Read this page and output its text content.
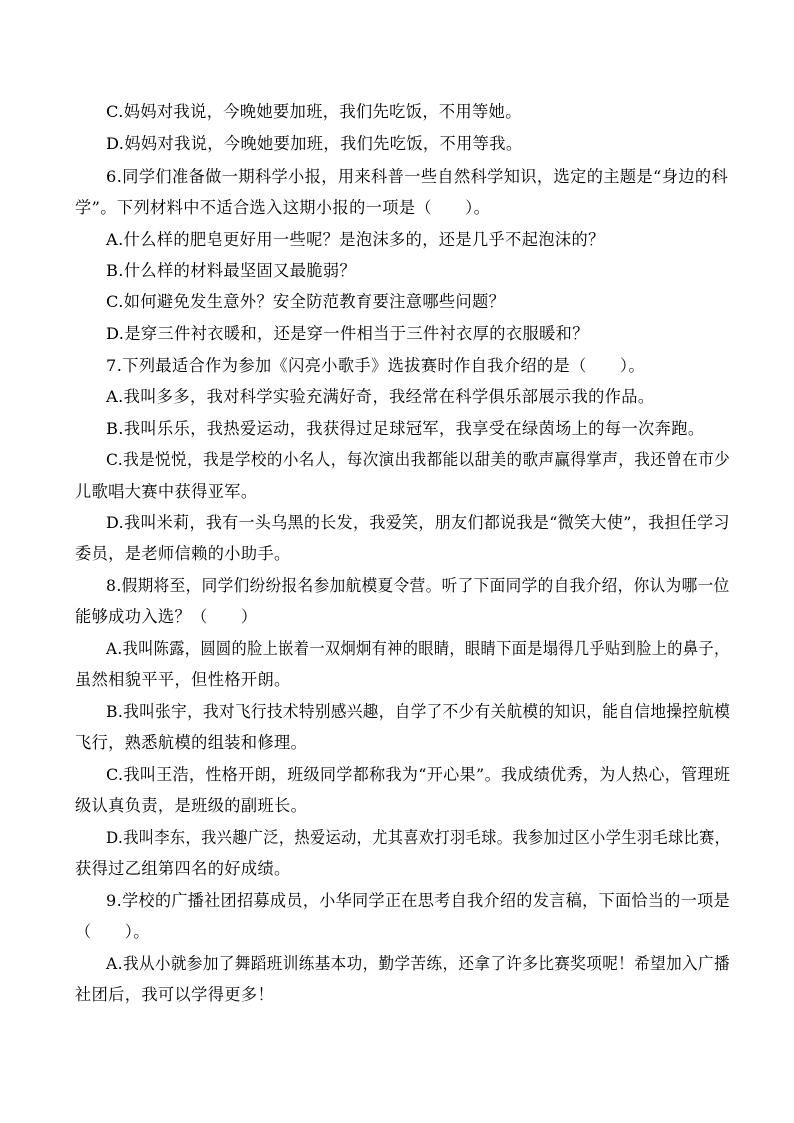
C.妈妈对我说，今晚她要加班，我们先吃饭，不用等她。
D.妈妈对我说，今晚她要加班，我们先吃饭，不用等我。
6.同学们准备做一期科学小报，用来科普一些自然科学知识，选定的主题是“身边的科
学”。下列材料中不适合选入这期小报的一项是（　　）。
A.什么样的肥皂更好用一些呢？是泡沫多的，还是几乎不起泡沫的？
B.什么样的材料最坚固又最脆弱？
C.如何避免发生意外？安全防范教育要注意哪些问题？
D.是穿三件衬衣暖和，还是穿一件相当于三件衬衣厚的衣服暖和？
7.下列最适合作为参加《闪亮小歌手》选拔赛时作自我介绍的是（　　）。
A.我叫多多，我对科学实验充满好奇，我经常在科学俱乐部展示我的作品。
B.我叫乐乐，我热爱运动，我获得过足球冠军，我享受在绿茵场上的每一次奔跑。
C.我是悦悦，我是学校的小名人，每次演出我都能以甜美的歌声赢得掌声，我还曾在市少
儿歌唱大赛中获得亚军。
D.我叫米莉，我有一头乌黑的长发，我爱笑，朋友们都说我是“微笑大使”，我担任学习
委员，是老师信赖的小助手。
8.假期将至，同学们纷纷报名参加航模夏令营。听了下面同学的自我介绍，你认为哪一位
能够成功入选？（　　）
A.我叫陈露，圆圆的脸上嵌着一双炯炯有神的眼睛，眼睛下面是塌得几乎贴到脸上的鼻子，
虽然相貌平平，但性格开朗。
B.我叫张宇，我对飞行技术特别感兴趣，自学了不少有关航模的知识，能自信地操控航模
飞行，熟悉航模的组装和修理。
C.我叫王浩，性格开朗，班级同学都称我为“开心果”。我成绩优秀，为人热心，管理班
级认真负责，是班级的副班长。
D.我叫李东，我兴趣广泛，热爱运动，尤其喜欢打羽毛球。我参加过区小学生羽毛球比赛，
获得过乙组第四名的好成绩。
9.学校的广播社团招募成员，小华同学正在思考自我介绍的发言稿，下面恰当的一项是
（　　）。
A.我从小就参加了舞蹈班训练基本功，勤学苦练，还拿了许多比赛奖项呢！希望加入广播
社团后，我可以学得更多！
